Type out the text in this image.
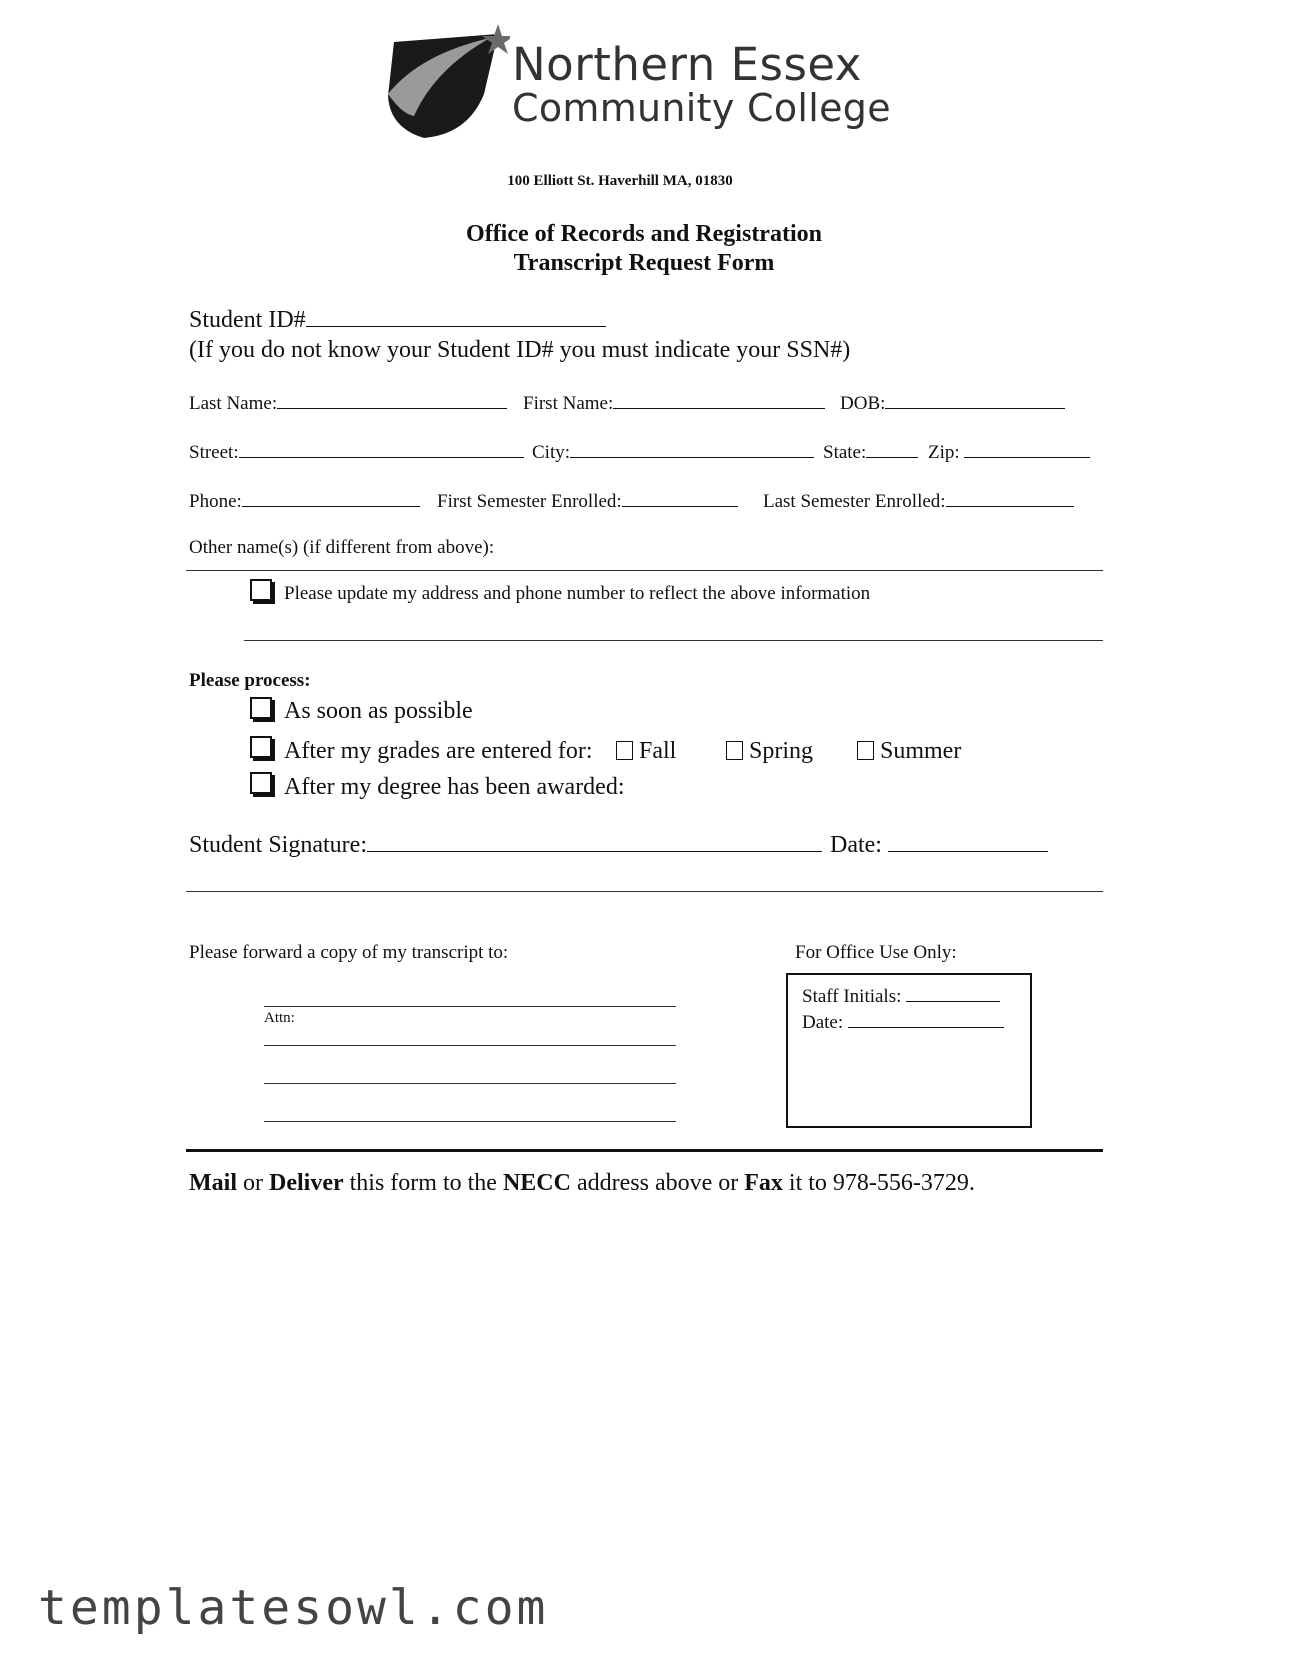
Northern Essex
Community College
100 Elliott St. Haverhill MA, 01830
Office of Records and Registration
Transcript Request Form
Student ID#
(If you do not know your Student ID# you must indicate your SSN#)
Last Name:	First Name:	DOB:
Street:	City:	State:	Zip:
Phone:	First Semester Enrolled:	Last Semester Enrolled:
Other name(s) (if different from above):
Please update my address and phone number to reflect the above information
Please process:
As soon as possible
After my grades are entered for:	Fall	Spring	Summer
After my degree has been awarded:
Student Signature:	Date:
Please forward a copy of my transcript to:
Attn:
For Office Use Only:
Staff Initials:
Date:
Mail or Deliver this form to the NECC address above or Fax it to 978-556-3729.
templatesowl.com
